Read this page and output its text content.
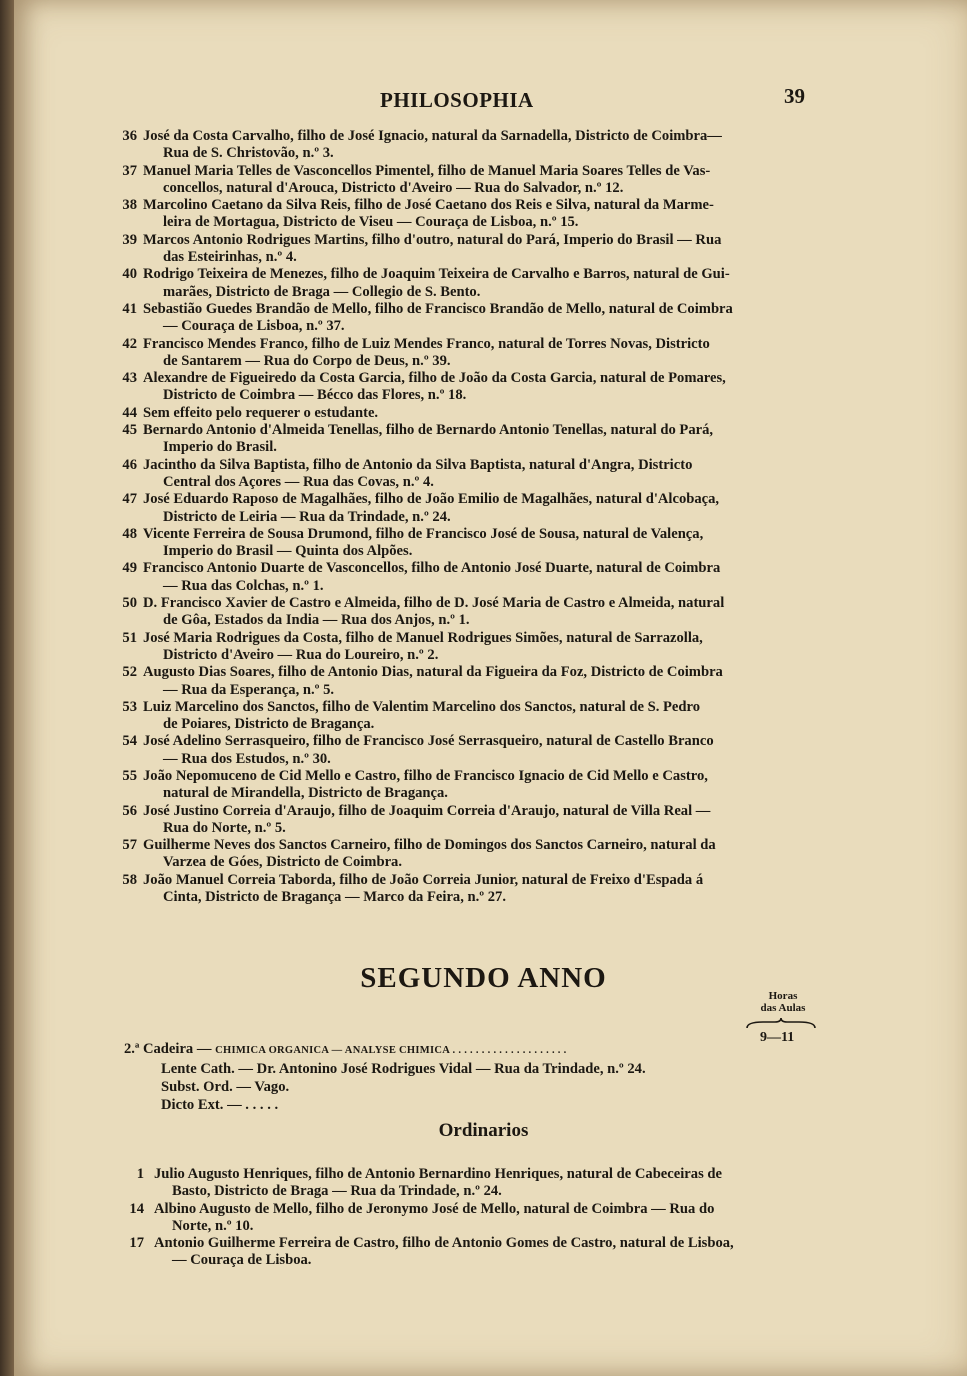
PHILOSOPHIA	39
36 José da Costa Carvalho, filho de José Ignacio, natural da Sarnadella, Districto de Coimbra—
Rua de S. Christovão, n.º 3.
37 Manuel Maria Telles de Vasconcellos Pimentel, filho de Manuel Maria Soares Telles de Vas-
concellos, natural d'Arouca, Districto d'Aveiro — Rua do Salvador, n.º 12.
38 Marcolino Caetano da Silva Reis, filho de José Caetano dos Reis e Silva, natural da Marme-
leira de Mortagua, Districto de Viseu — Couraça de Lisboa, n.º 15.
39 Marcos Antonio Rodrigues Martins, filho d'outro, natural do Pará, Imperio do Brasil — Rua
das Esteirinhas, n.º 4.
40 Rodrigo Teixeira de Menezes, filho de Joaquim Teixeira de Carvalho e Barros, natural de Gui-
marães, Districto de Braga — Collegio de S. Bento.
41 Sebastião Guedes Brandão de Mello, filho de Francisco Brandão de Mello, natural de Coimbra
— Couraça de Lisboa, n.º 37.
42 Francisco Mendes Franco, filho de Luiz Mendes Franco, natural de Torres Novas, Districto
de Santarem — Rua do Corpo de Deus, n.º 39.
43 Alexandre de Figueiredo da Costa Garcia, filho de João da Costa Garcia, natural de Pomares,
Districto de Coimbra — Bécco das Flores, n.º 18.
44 Sem effeito pelo requerer o estudante.
45 Bernardo Antonio d'Almeida Tenellas, filho de Bernardo Antonio Tenellas, natural do Pará,
Imperio do Brasil.
46 Jacintho da Silva Baptista, filho de Antonio da Silva Baptista, natural d'Angra, Districto
Central dos Açores — Rua das Covas, n.º 4.
47 José Eduardo Raposo de Magalhães, filho de João Emilio de Magalhães, natural d'Alcobaça,
Districto de Leiria — Rua da Trindade, n.º 24.
48 Vicente Ferreira de Sousa Drumond, filho de Francisco José de Sousa, natural de Valença,
Imperio do Brasil — Quinta dos Alpões.
49 Francisco Antonio Duarte de Vasconcellos, filho de Antonio José Duarte, natural de Coimbra
— Rua das Colchas, n.º 1.
50 D. Francisco Xavier de Castro e Almeida, filho de D. José Maria de Castro e Almeida, natural
de Gôa, Estados da India — Rua dos Anjos, n.º 1.
51 José Maria Rodrigues da Costa, filho de Manuel Rodrigues Simões, natural de Sarrazolla,
Districto d'Aveiro — Rua do Loureiro, n.º 2.
52 Augusto Dias Soares, filho de Antonio Dias, natural da Figueira da Foz, Districto de Coimbra
— Rua da Esperança, n.º 5.
53 Luiz Marcelino dos Sanctos, filho de Valentim Marcelino dos Sanctos, natural de S. Pedro
de Poiares, Districto de Bragança.
54 José Adelino Serrasqueiro, filho de Francisco José Serrasqueiro, natural de Castello Branco
— Rua dos Estudos, n.º 30.
55 João Nepomuceno de Cid Mello e Castro, filho de Francisco Ignacio de Cid Mello e Castro,
natural de Mirandella, Districto de Bragança.
56 José Justino Correia d'Araujo, filho de Joaquim Correia d'Araujo, natural de Villa Real —
Rua do Norte, n.º 5.
57 Guilherme Neves dos Sanctos Carneiro, filho de Domingos dos Sanctos Carneiro, natural da
Varzea de Góes, Districto de Coimbra.
58 João Manuel Correia Taborda, filho de João Correia Junior, natural de Freixo d'Espada á
Cinta, Districto de Bragança — Marco da Feira, n.º 27.
SEGUNDO ANNO
Horas
das Aulas
9—11
2.ª Cadeira — CHIMICA ORGANICA — ANALYSE CHIMICA . . . . . . . . . . . . . . . . . . . .
Lente Cath. — Dr. Antonino José Rodrigues Vidal — Rua da Trindade, n.º 24.
Subst. Ord. — Vago.
Dicto Ext. — . . . . .
Ordinarios
1 Julio Augusto Henriques, filho de Antonio Bernardino Henriques, natural de Cabeceiras de
Basto, Districto de Braga — Rua da Trindade, n.º 24.
14 Albino Augusto de Mello, filho de Jeronymo José de Mello, natural de Coimbra — Rua do
Norte, n.º 10.
17 Antonio Guilherme Ferreira de Castro, filho de Antonio Gomes de Castro, natural de Lisboa,
— Couraça de Lisboa.
